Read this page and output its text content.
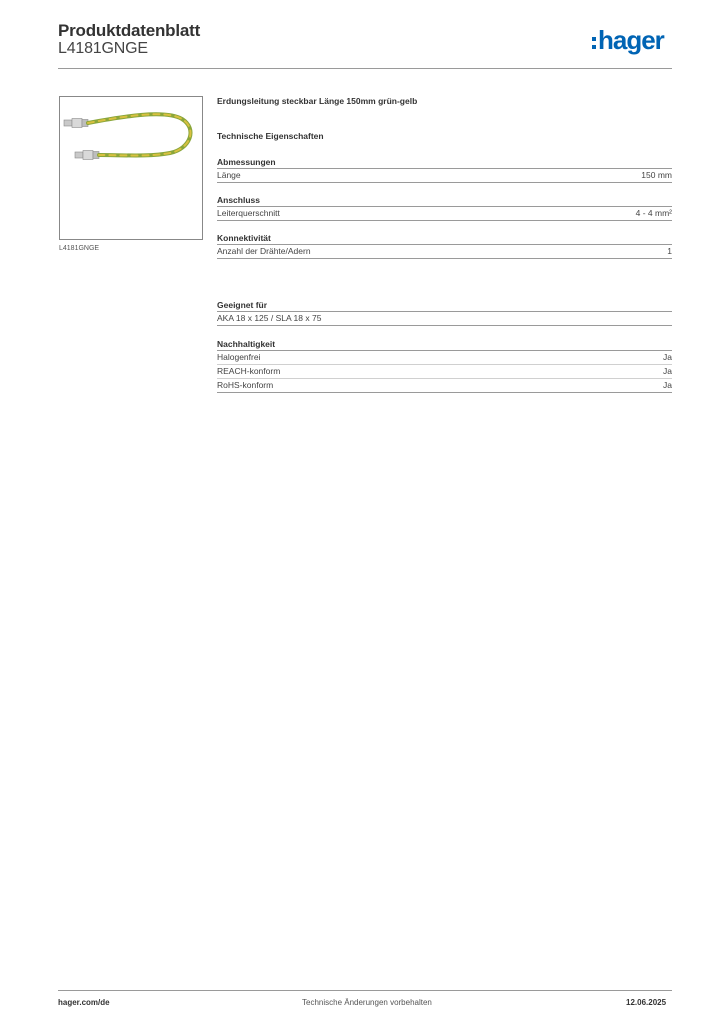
Produktdatenblatt
L4181GNGE	hager
L4181GNGE
Erdungsleitung steckbar Länge 150mm grün-gelb
Technische Eigenschaften
Abmessungen
Länge	150 mm
Anschluss
Leiterquerschnitt	4 - 4 mm²
Konnektivität
Anzahl der Drähte/Adern	1
Geeignet für
AKA 18 x 125 / SLA 18 x 75
Nachhaltigkeit
Halogenfrei	Ja
REACH-konform	Ja
RoHS-konform	Ja
hager.com/de	Technische Änderungen vorbehalten	12.06.2025
